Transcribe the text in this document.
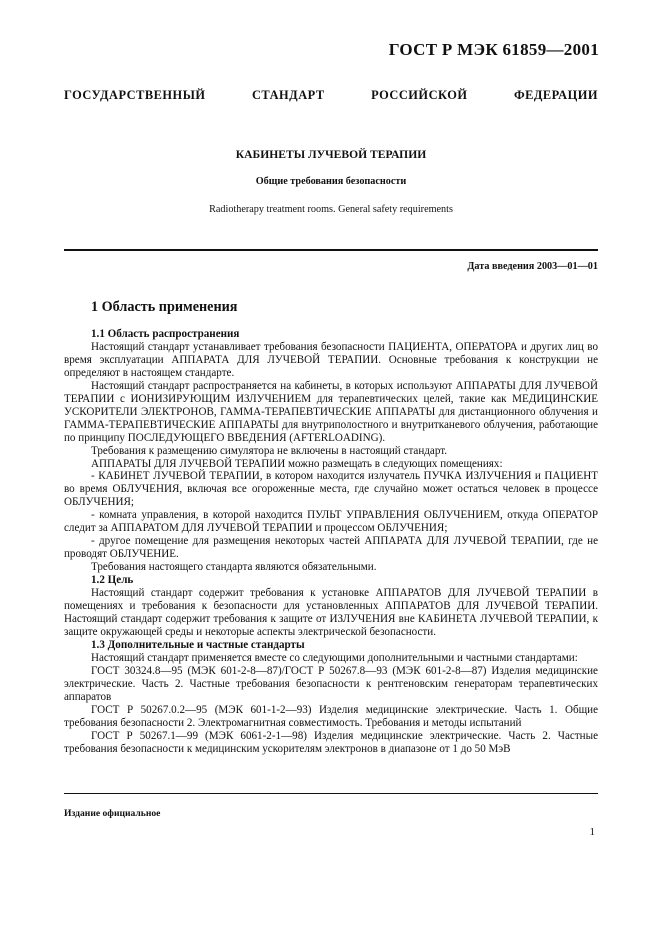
ГОСТ Р МЭК 61859—2001
ГОСУДАРСТВЕННЫЙ СТАНДАРТ РОССИЙСКОЙ ФЕДЕРАЦИИ
КАБИНЕТЫ ЛУЧЕВОЙ ТЕРАПИИ
Общие требования безопасности
Radiotherapy treatment rooms. General safety requirements
Дата введения 2003—01—01
1 Область применения

1.1 Область распространения

Настоящий стандарт устанавливает требования безопасности ПАЦИЕНТА, ОПЕРАТОРА и других лиц во время эксплуатации АППАРАТА ДЛЯ ЛУЧЕВОЙ ТЕРАПИИ. Основные требования к конструкции не определяют в настоящем стандарте.

Настоящий стандарт распространяется на кабинеты, в которых используют АППАРАТЫ ДЛЯ ЛУЧЕВОЙ ТЕРАПИИ с ИОНИЗИРУЮЩИМ ИЗЛУЧЕНИЕМ для терапевтических целей, такие как МЕДИЦИНСКИЕ УСКОРИТЕЛИ ЭЛЕКТРОНОВ, ГАММА-ТЕРАПЕВТИЧЕСКИЕ АППАРАТЫ для дистанционного облучения и ГАММА-ТЕРАПЕВТИЧЕСКИЕ АППАРАТЫ для внутриполостного и внутритканевого облучения, работающие по принципу ПОСЛЕДУЮЩЕГО ВВЕДЕНИЯ (AFTERLOADING).

Требования к размещению симулятора не включены в настоящий стандарт.

АППАРАТЫ ДЛЯ ЛУЧЕВОЙ ТЕРАПИИ можно размещать в следующих помещениях:

- КАБИНЕТ ЛУЧЕВОЙ ТЕРАПИИ, в котором находится излучатель ПУЧКА ИЗЛУЧЕНИЯ и ПАЦИЕНТ во время ОБЛУЧЕНИЯ, включая все огороженные места, где случайно может остаться человек в процессе ОБЛУЧЕНИЯ;

- комната управления, в которой находится ПУЛЬТ УПРАВЛЕНИЯ ОБЛУЧЕНИЕМ, откуда ОПЕРАТОР следит за АППАРАТОМ ДЛЯ ЛУЧЕВОЙ ТЕРАПИИ и процессом ОБЛУЧЕНИЯ;

- другое помещение для размещения некоторых частей АППАРАТА ДЛЯ ЛУЧЕВОЙ ТЕРАПИИ, где не проводят ОБЛУЧЕНИЕ.

Требования настоящего стандарта являются обязательными.

1.2 Цель

Настоящий стандарт содержит требования к установке АППАРАТОВ ДЛЯ ЛУЧЕВОЙ ТЕРАПИИ в помещениях и требования к безопасности для установленных АППАРАТОВ ДЛЯ ЛУЧЕВОЙ ТЕРАПИИ. Настоящий стандарт содержит требования к защите от ИЗЛУЧЕНИЯ вне КАБИНЕТА ЛУЧЕВОЙ ТЕРАПИИ, к защите окружающей среды и некоторые аспекты электрической безопасности.

1.3 Дополнительные и частные стандарты

Настоящий стандарт применяется вместе со следующими дополнительными и частными стандартами:

ГОСТ 30324.8—95 (МЭК 601-2-8—87)/ГОСТ Р 50267.8—93 (МЭК 601-2-8—87) Изделия медицинские электрические. Часть 2. Частные требования безопасности к рентгеновским генераторам терапевтических аппаратов

ГОСТ Р 50267.0.2—95 (МЭК 601-1-2—93) Изделия медицинские электрические. Часть 1. Общие требования безопасности 2. Электромагнитная совместимость. Требования и методы испытаний

ГОСТ Р 50267.1—99 (МЭК 6061-2-1—98) Изделия медицинские электрические. Часть 2. Частные требования безопасности к медицинским ускорителям электронов в диапазоне от 1 до 50 МэВ

Издание официальное
1
